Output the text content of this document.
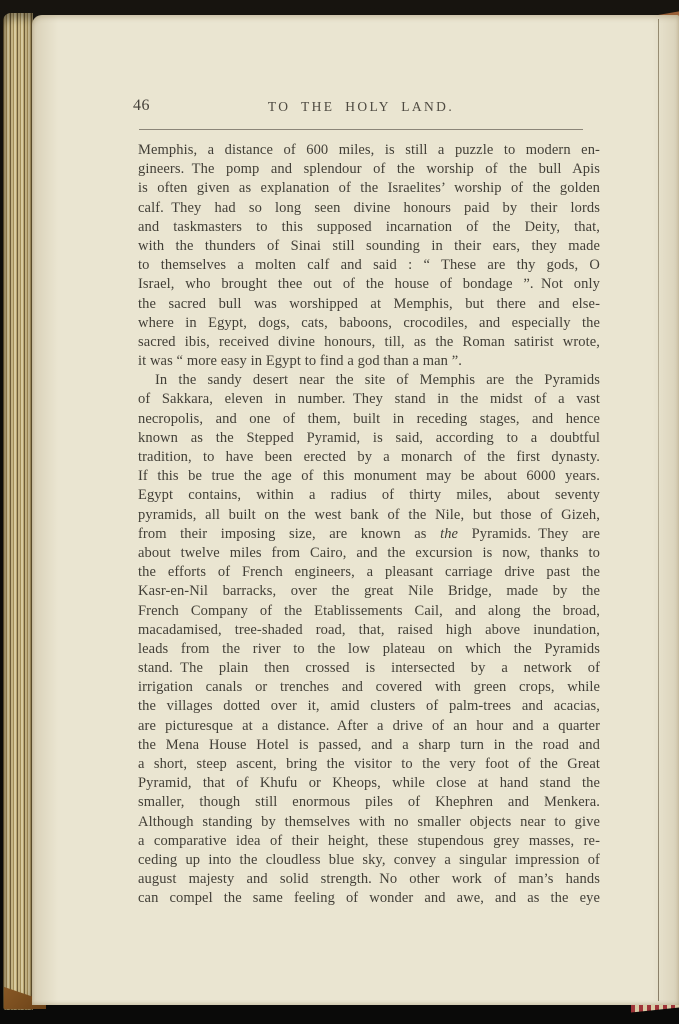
46	TO THE HOLY LAND.
Memphis, a distance of 600 miles, is still a puzzle to modern en-
gineers. The pomp and splendour of the worship of the bull Apis
is often given as explanation of the Israelites’ worship of the golden
calf. They had so long seen divine honours paid by their lords
and taskmasters to this supposed incarnation of the Deity, that,
with the thunders of Sinai still sounding in their ears, they made
to themselves a molten calf and said : “ These are thy gods, O
Israel, who brought thee out of the house of bondage ”. Not only
the sacred bull was worshipped at Memphis, but there and else-
where in Egypt, dogs, cats, baboons, crocodiles, and especially the
sacred ibis, received divine honours, till, as the Roman satirist wrote,
it was “ more easy in Egypt to find a god than a man ”.
In the sandy desert near the site of Memphis are the Pyramids
of Sakkara, eleven in number. They stand in the midst of a vast
necropolis, and one of them, built in receding stages, and hence
known as the Stepped Pyramid, is said, according to a doubtful
tradition, to have been erected by a monarch of the first dynasty.
If this be true the age of this monument may be about 6000 years.
Egypt contains, within a radius of thirty miles, about seventy
pyramids, all built on the west bank of the Nile, but those of Gizeh,
from their imposing size, are known as the Pyramids. They are
about twelve miles from Cairo, and the excursion is now, thanks to
the efforts of French engineers, a pleasant carriage drive past the
Kasr-en-Nil barracks, over the great Nile Bridge, made by the
French Company of the Etablissements Cail, and along the broad,
macadamised, tree-shaded road, that, raised high above inundation,
leads from the river to the low plateau on which the Pyramids
stand. The plain then crossed is intersected by a network of
irrigation canals or trenches and covered with green crops, while
the villages dotted over it, amid clusters of palm-trees and acacias,
are picturesque at a distance. After a drive of an hour and a quarter
the Mena House Hotel is passed, and a sharp turn in the road and
a short, steep ascent, bring the visitor to the very foot of the Great
Pyramid, that of Khufu or Kheops, while close at hand stand the
smaller, though still enormous piles of Khephren and Menkera.
Although standing by themselves with no smaller objects near to give
a comparative idea of their height, these stupendous grey masses, re-
ceding up into the cloudless blue sky, convey a singular impression of
august majesty and solid strength. No other work of man’s hands
can compel the same feeling of wonder and awe, and as the eye
